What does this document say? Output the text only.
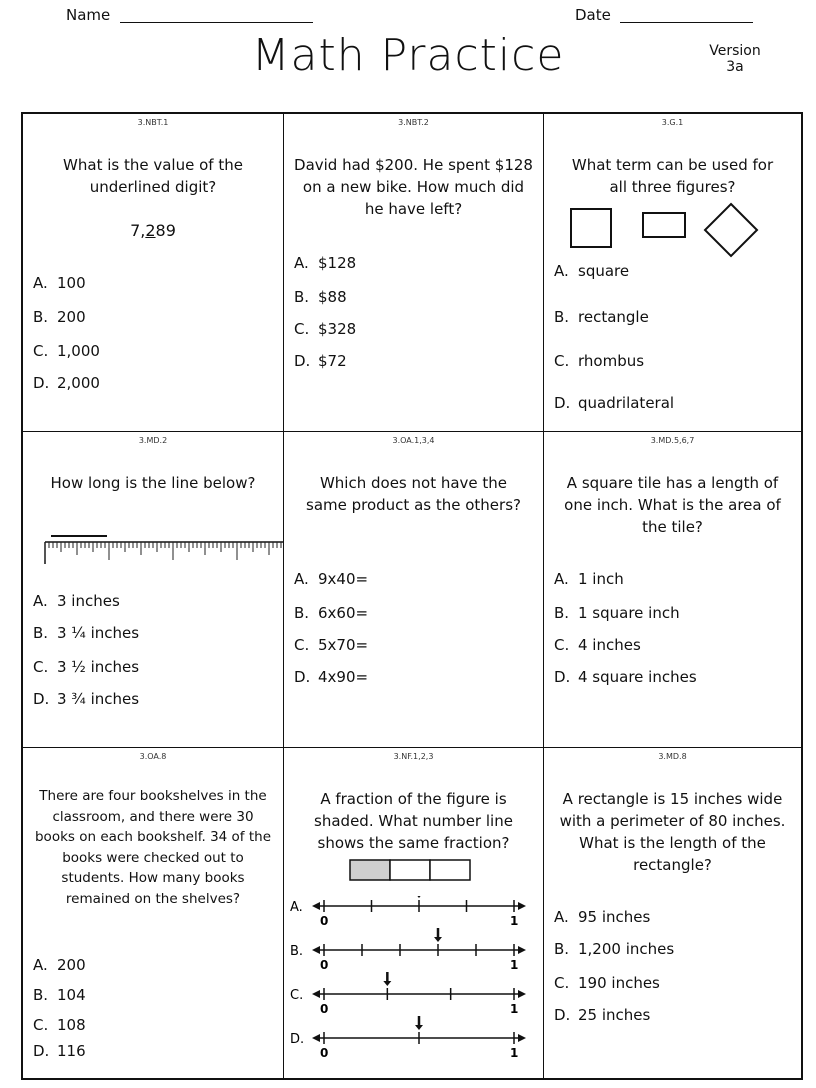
Name	Date
Math Practice	Version
3a
3.NBT.1
What is the value of the underlined digit?
7,289
A. 100
B. 200
C. 1,000
D. 2,000
3.NBT.2
David had $200. He spent $128 on a new bike. How much did he have left?
A. $128
B. $88
C. $328
D. $72
3.G.1
What term can be used for all three figures?
A. square
B. rectangle
C. rhombus
D. quadrilateral
3.MD.2
How long is the line below?
A. 3 inches
B. 3 ¼ inches
C. 3 ½ inches
D. 3 ¾ inches
3.OA.1,3,4
Which does not have the same product as the others?
A. 9x40=
B. 6x60=
C. 5x70=
D. 4x90=
3.MD.5,6,7
A square tile has a length of one inch. What is the area of the tile?
A. 1 inch
B. 1 square inch
C. 4 inches
D. 4 square inches
3.OA.8
There are four bookshelves in the classroom, and there were 30 books on each bookshelf. 34 of the books were checked out to students. How many books remained on the shelves?
A. 200
B. 104
C. 108
D. 116
3.NF.1,2,3
A fraction of the figure is shaded. What number line shows the same fraction?
A.
0	1
B.
0	1
C.
0	1
D.
0	1
3.MD.8
A rectangle is 15 inches wide with a perimeter of 80 inches. What is the length of the rectangle?
A. 95 inches
B. 1,200 inches
C. 190 inches
D. 25 inches
